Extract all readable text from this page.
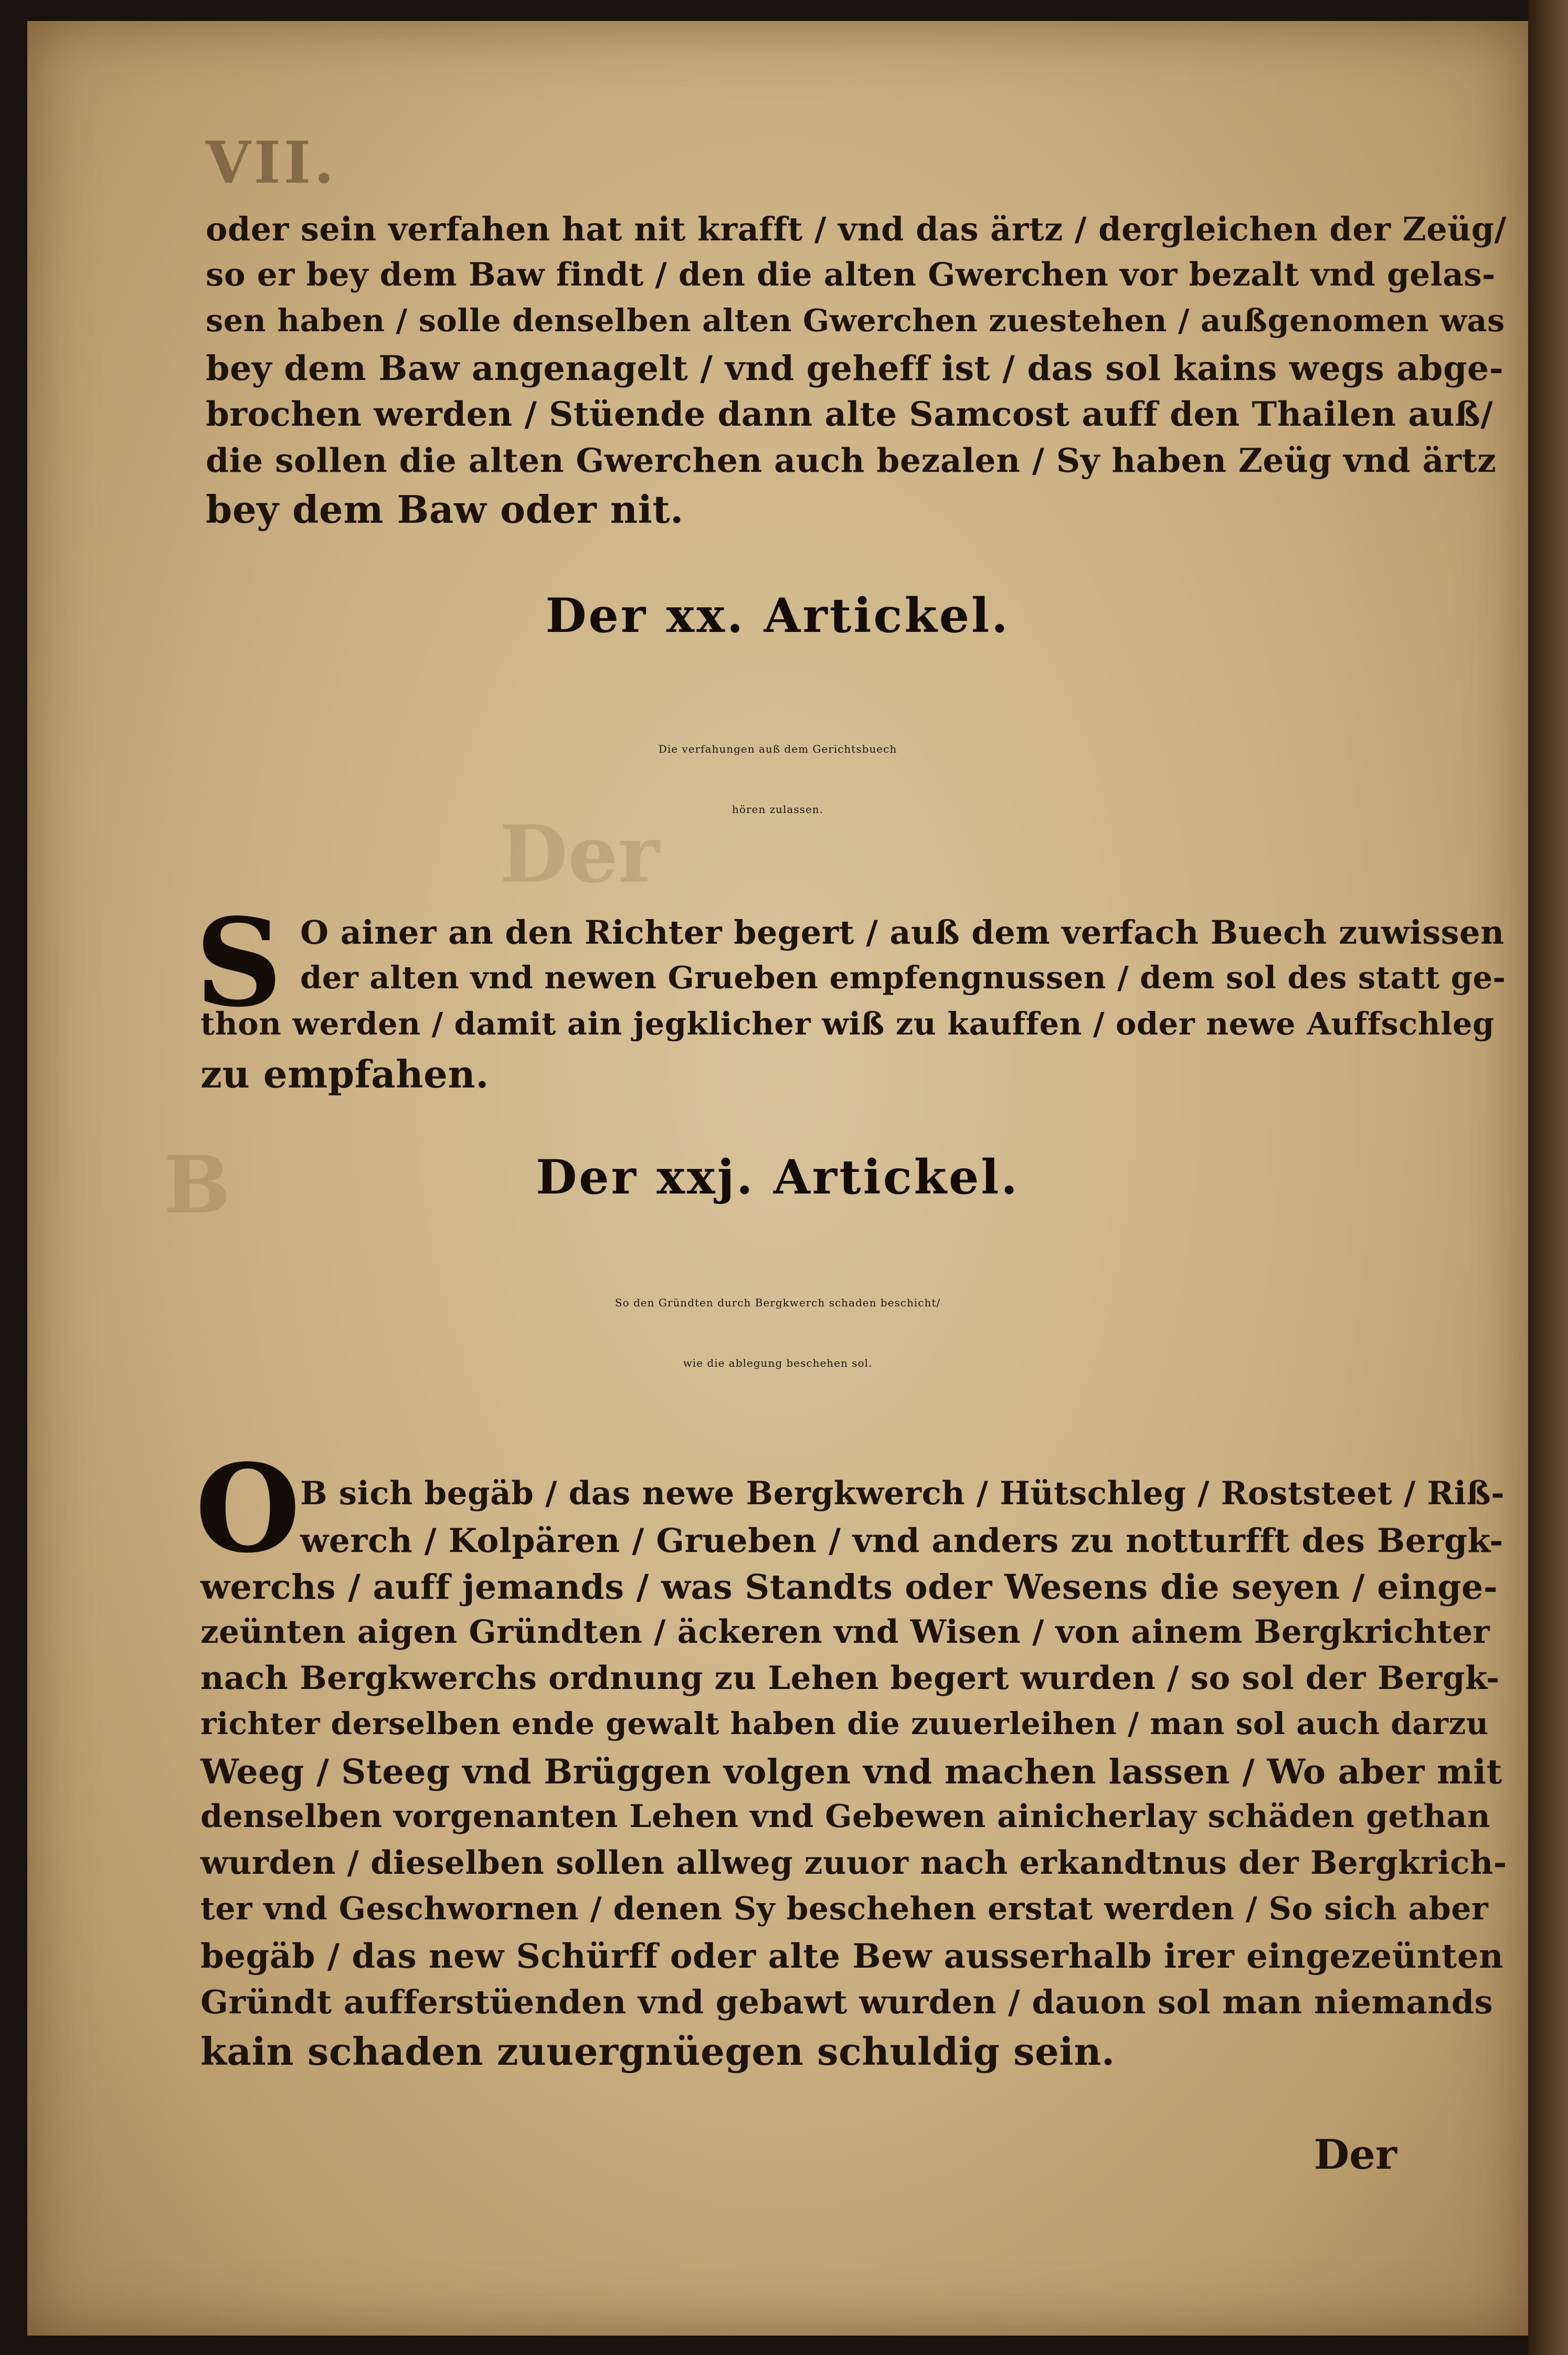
Der
B
VII.
oder sein verfahen hat nit krafft / vnd das ärtz / dergleichen der Zeüg/
so er bey dem Baw findt / den die alten Gwerchen vor bezalt vnd gelas-
sen haben / solle denselben alten Gwerchen zuestehen / außgenomen was
bey dem Baw angenagelt / vnd geheff ist / das sol kains wegs abge-
brochen werden / Stüende dann alte Samcost auff den Thailen auß/
die sollen die alten Gwerchen auch bezalen / Sy haben Zeüg vnd ärtz
bey dem Baw oder nit.
Der xx. Artickel.
Die verfahungen auß dem Gerichtsbuech
hören zulassen.
S O ainer an den Richter begert / auß dem verfach Buech zuwissen
der alten vnd newen Grueben empfengnussen / dem sol des statt ge-
thon werden / damit ain jegklicher wiß zu kauffen / oder newe Auffschleg
zu empfahen.
Der xxj. Artickel.
So den Gründten durch Bergkwerch schaden beschicht/
wie die ablegung beschehen sol.
O B sich begäb / das newe Bergkwerch / Hütschleg / Roststeet / Riß-
werch / Kolpären / Grueben / vnd anders zu notturfft des Bergk-
werchs / auff jemands / was Standts oder Wesens die seyen / einge-
zeünten aigen Gründten / äckeren vnd Wisen / von ainem Bergkrichter
nach Bergkwerchs ordnung zu Lehen begert wurden / so sol der Bergk-
richter derselben ende gewalt haben die zuuerleihen / man sol auch darzu
Weeg / Steeg vnd Brüggen volgen vnd machen lassen / Wo aber mit
denselben vorgenanten Lehen vnd Gebewen ainicherlay schäden gethan
wurden / dieselben sollen allweg zuuor nach erkandtnus der Bergkrich-
ter vnd Geschwornen / denen Sy beschehen erstat werden / So sich aber
begäb / das new Schürff oder alte Bew ausserhalb irer eingezeünten
Gründt aufferstüenden vnd gebawt wurden / dauon sol man niemands
kain schaden zuuergnüegen schuldig sein.
Der
